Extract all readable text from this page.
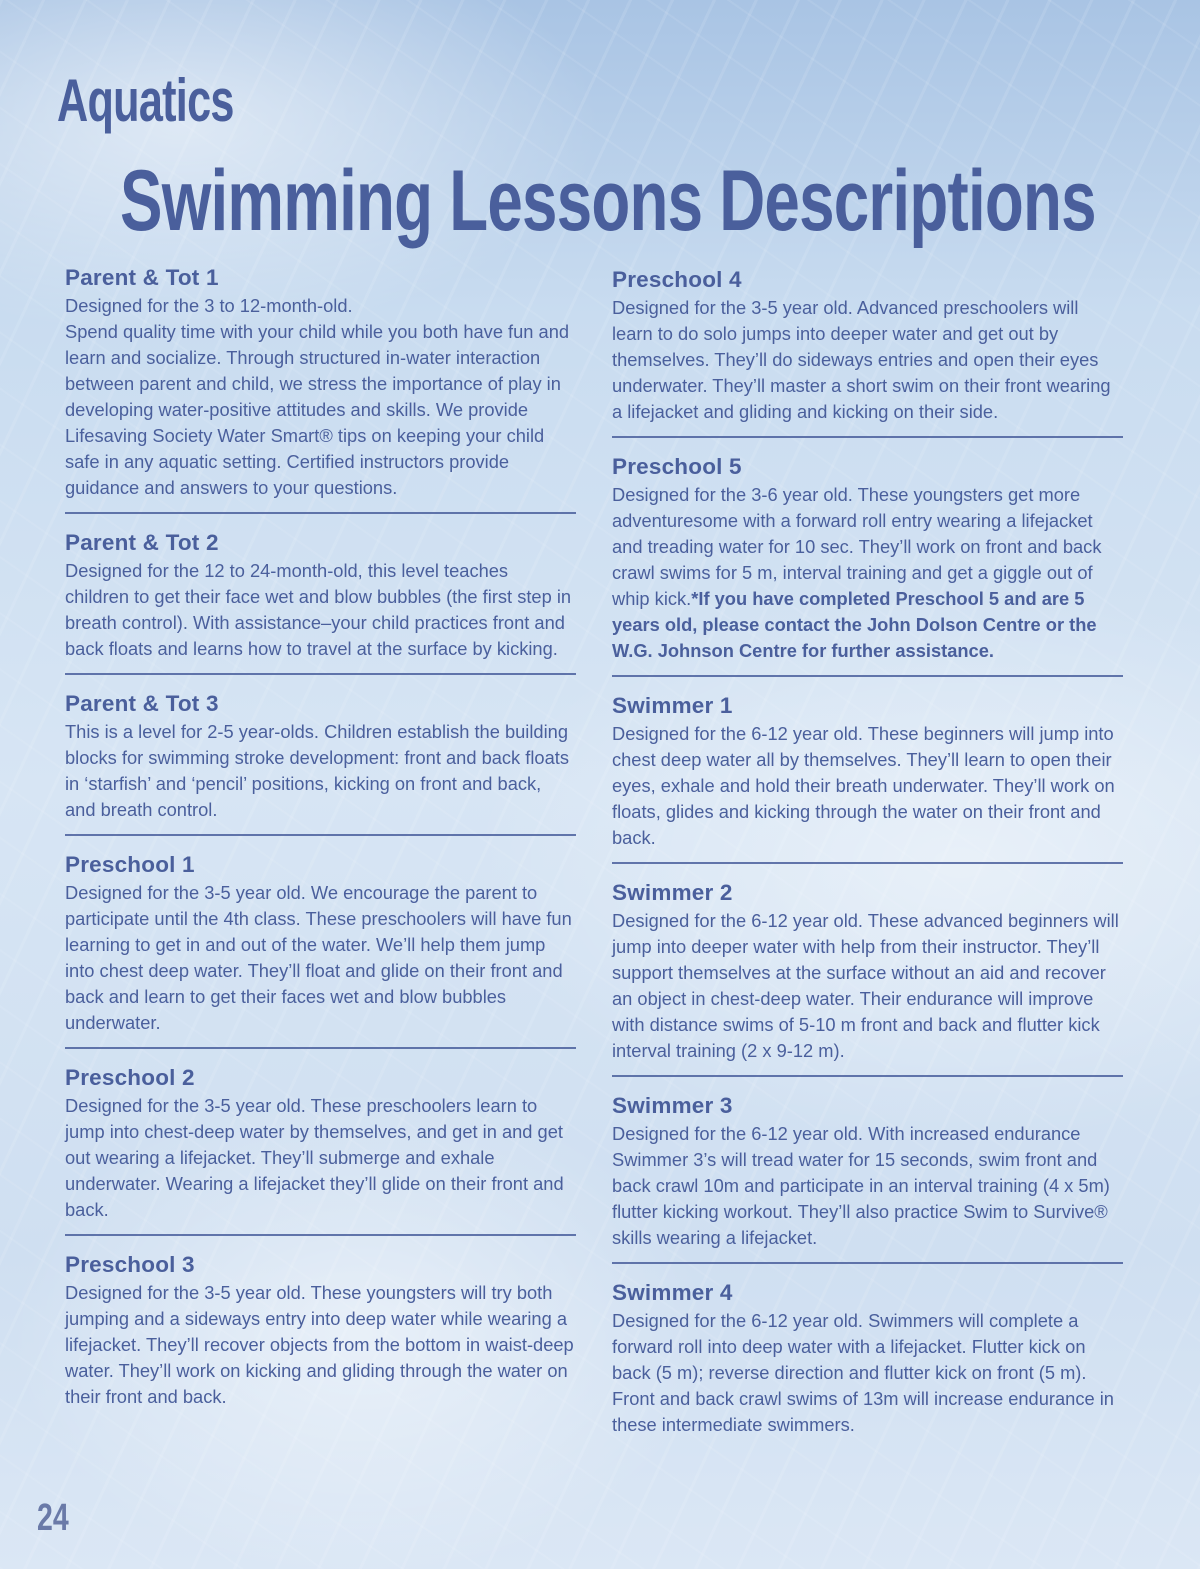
Aquatics
Swimming Lessons Descriptions
Parent & Tot 1

Designed for the 3 to 12-month-old.
Spend quality time with your child while you both have fun and learn and socialize. Through structured in-water interaction between parent and child, we stress the importance of play in developing water-positive attitudes and skills. We provide Lifesaving Society Water Smart® tips on keeping your child safe in any aquatic setting. Certified instructors provide guidance and answers to your questions.

Parent & Tot 2

Designed for the 12 to 24-month-old, this level teaches children to get their face wet and blow bubbles (the first step in breath control). With assistance–your child practices front and back floats and learns how to travel at the surface by kicking.

Parent & Tot 3

This is a level for 2-5 year-olds. Children establish the building blocks for swimming stroke development: front and back floats in ‘starfish’ and ‘pencil’ positions, kicking on front and back, and breath control.

Preschool 1

Designed for the 3-5 year old. We encourage the parent to participate until the 4th class. These preschoolers will have fun learning to get in and out of the water. We’ll help them jump into chest deep water. They’ll float and glide on their front and back and learn to get their faces wet and blow bubbles underwater.

Preschool 2

Designed for the 3-5 year old. These preschoolers learn to jump into chest-deep water by themselves, and get in and get out wearing a lifejacket. They’ll submerge and exhale underwater. Wearing a lifejacket they’ll glide on their front and back.

Preschool 3

Designed for the 3-5 year old. These youngsters will try both jumping and a sideways entry into deep water while wearing a lifejacket. They’ll recover objects from the bottom in waist-deep water. They’ll work on kicking and gliding through the water on their front and back.

Preschool 4

Designed for the 3-5 year old. Advanced preschoolers will learn to do solo jumps into deeper water and get out by themselves. They’ll do sideways entries and open their eyes underwater. They’ll master a short swim on their front wearing a lifejacket and gliding and kicking on their side.

Preschool 5

Designed for the 3-6 year old. These youngsters get more adventuresome with a forward roll entry wearing a lifejacket and treading water for 10 sec. They’ll work on front and back crawl swims for 5 m, interval training and get a giggle out of whip kick.*If you have completed Preschool 5 and are 5 years old, please contact the John Dolson Centre or the W.G. Johnson Centre for further assistance.

Swimmer 1

Designed for the 6-12 year old. These beginners will jump into chest deep water all by themselves. They’ll learn to open their eyes, exhale and hold their breath underwater. They’ll work on floats, glides and kicking through the water on their front and back.

Swimmer 2

Designed for the 6-12 year old. These advanced beginners will jump into deeper water with help from their instructor. They’ll support themselves at the surface without an aid and recover an object in chest-deep water. Their endurance will improve with distance swims of 5-10 m front and back and flutter kick interval training (2 x 9-12 m).

Swimmer 3

Designed for the 6-12 year old. With increased endurance Swimmer 3’s will tread water for 15 seconds, swim front and back crawl 10m and participate in an interval training (4 x 5m) flutter kicking workout. They’ll also practice Swim to Survive® skills wearing a lifejacket.

Swimmer 4

Designed for the 6-12 year old. Swimmers will complete a forward roll into deep water with a lifejacket. Flutter kick on back (5 m); reverse direction and flutter kick on front (5 m). Front and back crawl swims of 13m will increase endurance in these intermediate swimmers.

24
